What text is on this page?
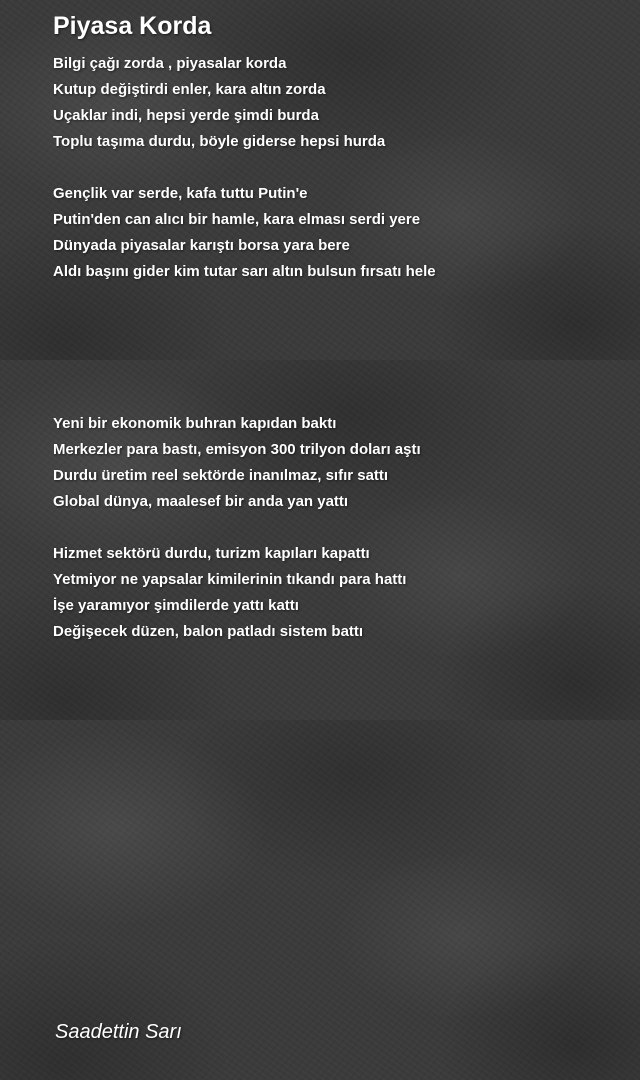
Piyasa Korda
Bilgi çağı zorda , piyasalar korda
Kutup değiştirdi enler, kara altın zorda
Uçaklar indi, hepsi yerde şimdi burda
Toplu taşıma durdu, böyle giderse hepsi hurda
Gençlik var serde, kafa tuttu Putin'e
Putin'den can alıcı bir hamle, kara elması serdi yere
Dünyada piyasalar karıştı borsa yara bere
Aldı başını gider kim tutar sarı altın bulsun fırsatı hele
Yeni bir ekonomik buhran kapıdan baktı
Merkezler para bastı, emisyon 300 trilyon doları aştı
Durdu üretim reel sektörde inanılmaz, sıfır sattı
Global dünya, maalesef bir anda yan yattı
Hizmet sektörü durdu, turizm kapıları kapattı
Yetmiyor ne yapsalar kimilerinin tıkandı para hattı
İşe yaramıyor şimdilerde yattı kattı
Değişecek düzen, balon patladı sistem battı

Saadettin Sarı
